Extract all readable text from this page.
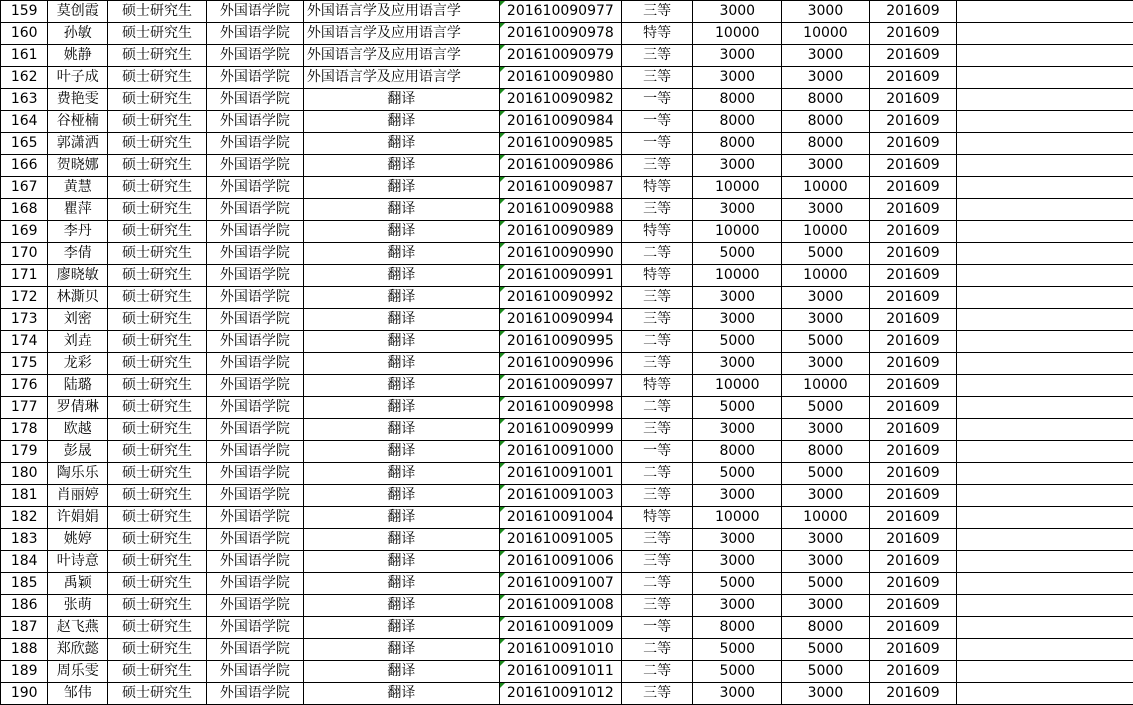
159	莫创霞	硕士研究生	外国语学院	外国语言学及应用语言学	201610090977	三等	3000	3000	201609	
160	孙敏	硕士研究生	外国语学院	外国语言学及应用语言学	201610090978	特等	10000	10000	201609	
161	姚静	硕士研究生	外国语学院	外国语言学及应用语言学	201610090979	三等	3000	3000	201609	
162	叶子成	硕士研究生	外国语学院	外国语言学及应用语言学	201610090980	三等	3000	3000	201609	
163	费艳雯	硕士研究生	外国语学院	翻译	201610090982	一等	8000	8000	201609	
164	谷桠楠	硕士研究生	外国语学院	翻译	201610090984	一等	8000	8000	201609	
165	郭潇洒	硕士研究生	外国语学院	翻译	201610090985	一等	8000	8000	201609	
166	贺晓娜	硕士研究生	外国语学院	翻译	201610090986	三等	3000	3000	201609	
167	黄慧	硕士研究生	外国语学院	翻译	201610090987	特等	10000	10000	201609	
168	瞿萍	硕士研究生	外国语学院	翻译	201610090988	三等	3000	3000	201609	
169	李丹	硕士研究生	外国语学院	翻译	201610090989	特等	10000	10000	201609	
170	李倩	硕士研究生	外国语学院	翻译	201610090990	二等	5000	5000	201609	
171	廖晓敏	硕士研究生	外国语学院	翻译	201610090991	特等	10000	10000	201609	
172	林澌贝	硕士研究生	外国语学院	翻译	201610090992	三等	3000	3000	201609	
173	刘密	硕士研究生	外国语学院	翻译	201610090994	三等	3000	3000	201609	
174	刘垚	硕士研究生	外国语学院	翻译	201610090995	二等	5000	5000	201609	
175	龙彩	硕士研究生	外国语学院	翻译	201610090996	三等	3000	3000	201609	
176	陆璐	硕士研究生	外国语学院	翻译	201610090997	特等	10000	10000	201609	
177	罗倩琳	硕士研究生	外国语学院	翻译	201610090998	二等	5000	5000	201609	
178	欧越	硕士研究生	外国语学院	翻译	201610090999	三等	3000	3000	201609	
179	彭晟	硕士研究生	外国语学院	翻译	201610091000	一等	8000	8000	201609	
180	陶乐乐	硕士研究生	外国语学院	翻译	201610091001	二等	5000	5000	201609	
181	肖丽婷	硕士研究生	外国语学院	翻译	201610091003	三等	3000	3000	201609	
182	许娟娟	硕士研究生	外国语学院	翻译	201610091004	特等	10000	10000	201609	
183	姚婷	硕士研究生	外国语学院	翻译	201610091005	三等	3000	3000	201609	
184	叶诗意	硕士研究生	外国语学院	翻译	201610091006	三等	3000	3000	201609	
185	禹颖	硕士研究生	外国语学院	翻译	201610091007	二等	5000	5000	201609	
186	张萌	硕士研究生	外国语学院	翻译	201610091008	三等	3000	3000	201609	
187	赵飞燕	硕士研究生	外国语学院	翻译	201610091009	一等	8000	8000	201609	
188	郑欣懿	硕士研究生	外国语学院	翻译	201610091010	二等	5000	5000	201609	
189	周乐雯	硕士研究生	外国语学院	翻译	201610091011	二等	5000	5000	201609	
190	邹伟	硕士研究生	外国语学院	翻译	201610091012	三等	3000	3000	201609	
